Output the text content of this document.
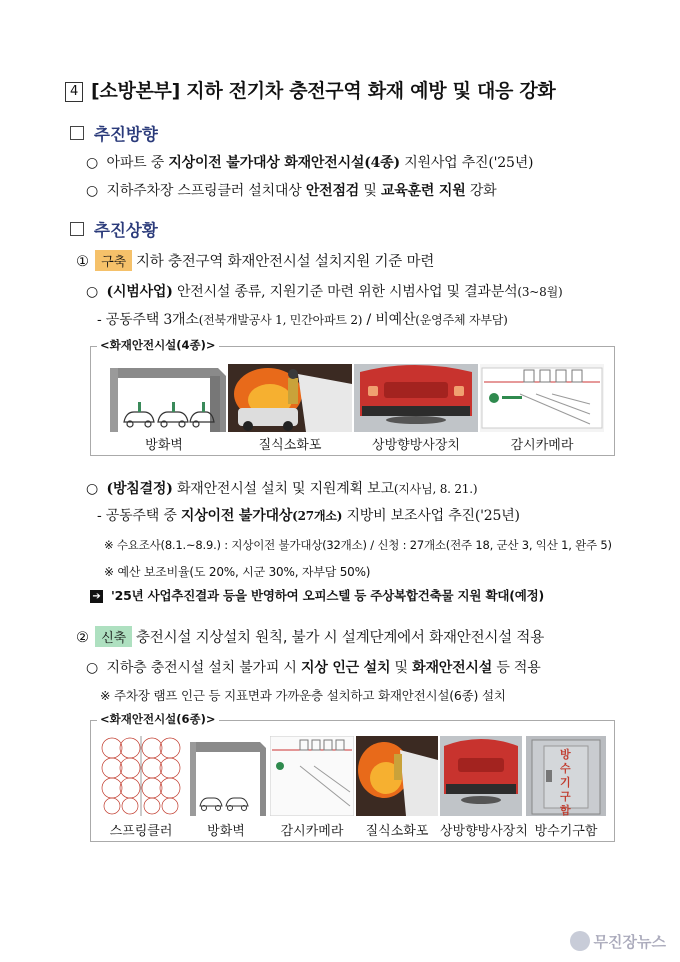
4 [소방본부] 지하 전기차 충전구역 화재 예방 및 대응 강화
추진방향
○  아파트 중 지상이전 불가대상 화재안전시설(4종) 지원사업 추진('25년)
○  지하주차장 스프링클러 설치대상 안전점검 및 교육훈련 지원 강화
추진상황
① 구축 지하 충전구역 화재안전시설 설치지원 기준 마련
○  (시범사업) 안전시설 종류, 지원기준 마련 위한 시범사업 및 결과분석(3~8월)
- 공동주택 3개소(전북개발공사 1, 민간아파트 2) / 비예산(운영주체 자부담)
<화재안전시설(4종)>
방화벽	질식소화포	상방향방사장치	감시카메라
○  (방침결정) 화재안전시설 설치 및 지원계획 보고(지사님, 8. 21.)
- 공동주택 중 지상이전 불가대상(27개소) 지방비 보조사업 추진('25년)
※ 수요조사(8.1.~8.9.) : 지상이전 불가대상(32개소) / 신청 : 27개소(전주 18, 군산 3, 익산 1, 완주 5)
※ 예산 보조비율(도 20%, 시군 30%, 자부담 50%)
➔ '25년 사업추진결과 등을 반영하여 오피스텔 등 주상복합건축물 지원 확대(예정)
② 신축 충전시설 지상설치 원칙, 불가 시 설계단계에서 화재안전시설 적용
○  지하층 충전시설 설치 불가피 시 지상 인근 설치 및 화재안전시설 등 적용
※ 주차장 램프 인근 등 지표면과 가까운층 설치하고 화재안전시설(6종) 설치
<화재안전시설(6종)>
방수기구함
스프링클러	방화벽	감시카메라	질식소화포 상방향방사장치 방수기구함
무진장뉴스
